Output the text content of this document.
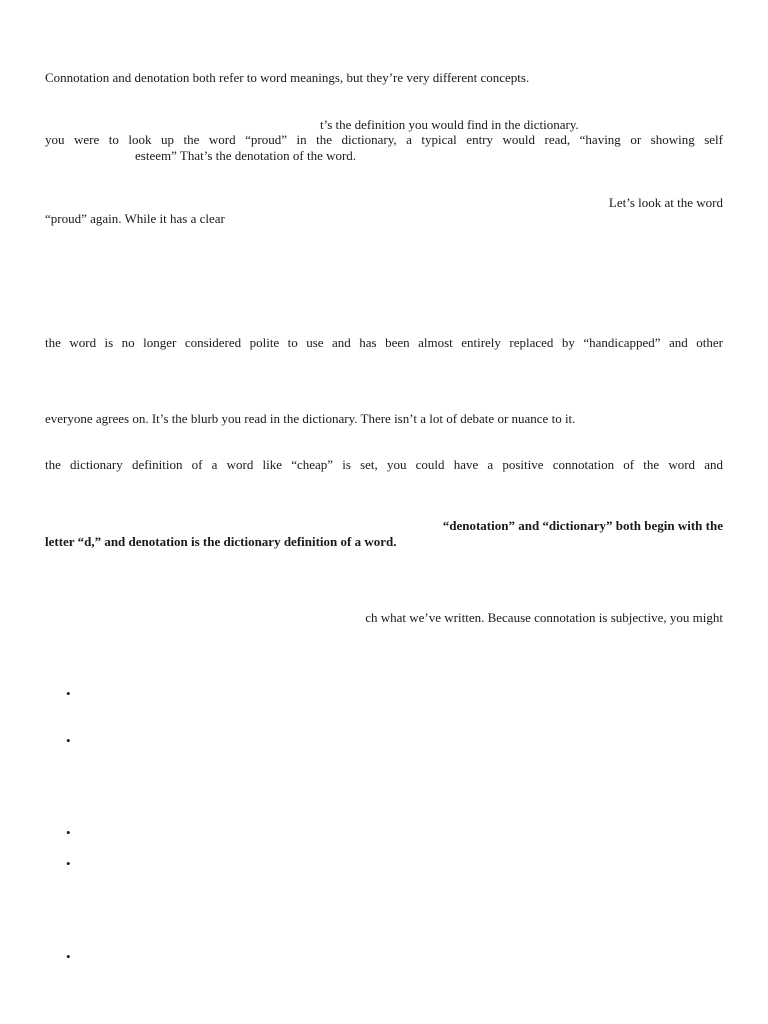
Connotation and denotation both refer to word meanings, but they’re very different concepts.
t’s the definition you would find in the dictionary.
you were to look up the word “proud” in the dictionary, a typical entry would read, “having or showing self
esteem” That’s the denotation of the word.
Let’s look at the word
“proud” again. While it has a clear
the word is no longer considered polite to use and has been almost entirely replaced by “handicapped” and other
everyone agrees on. It’s the blurb you read in the dictionary. There isn’t a lot of debate or nuance to it.
the dictionary definition of a word like “cheap” is set, you could have a positive connotation of the word and
“denotation” and “dictionary” both begin with the
letter “d,” and denotation is the dictionary definition of a word.
ch what we’ve written. Because connotation is subjective, you might
•
•
•
•
•
